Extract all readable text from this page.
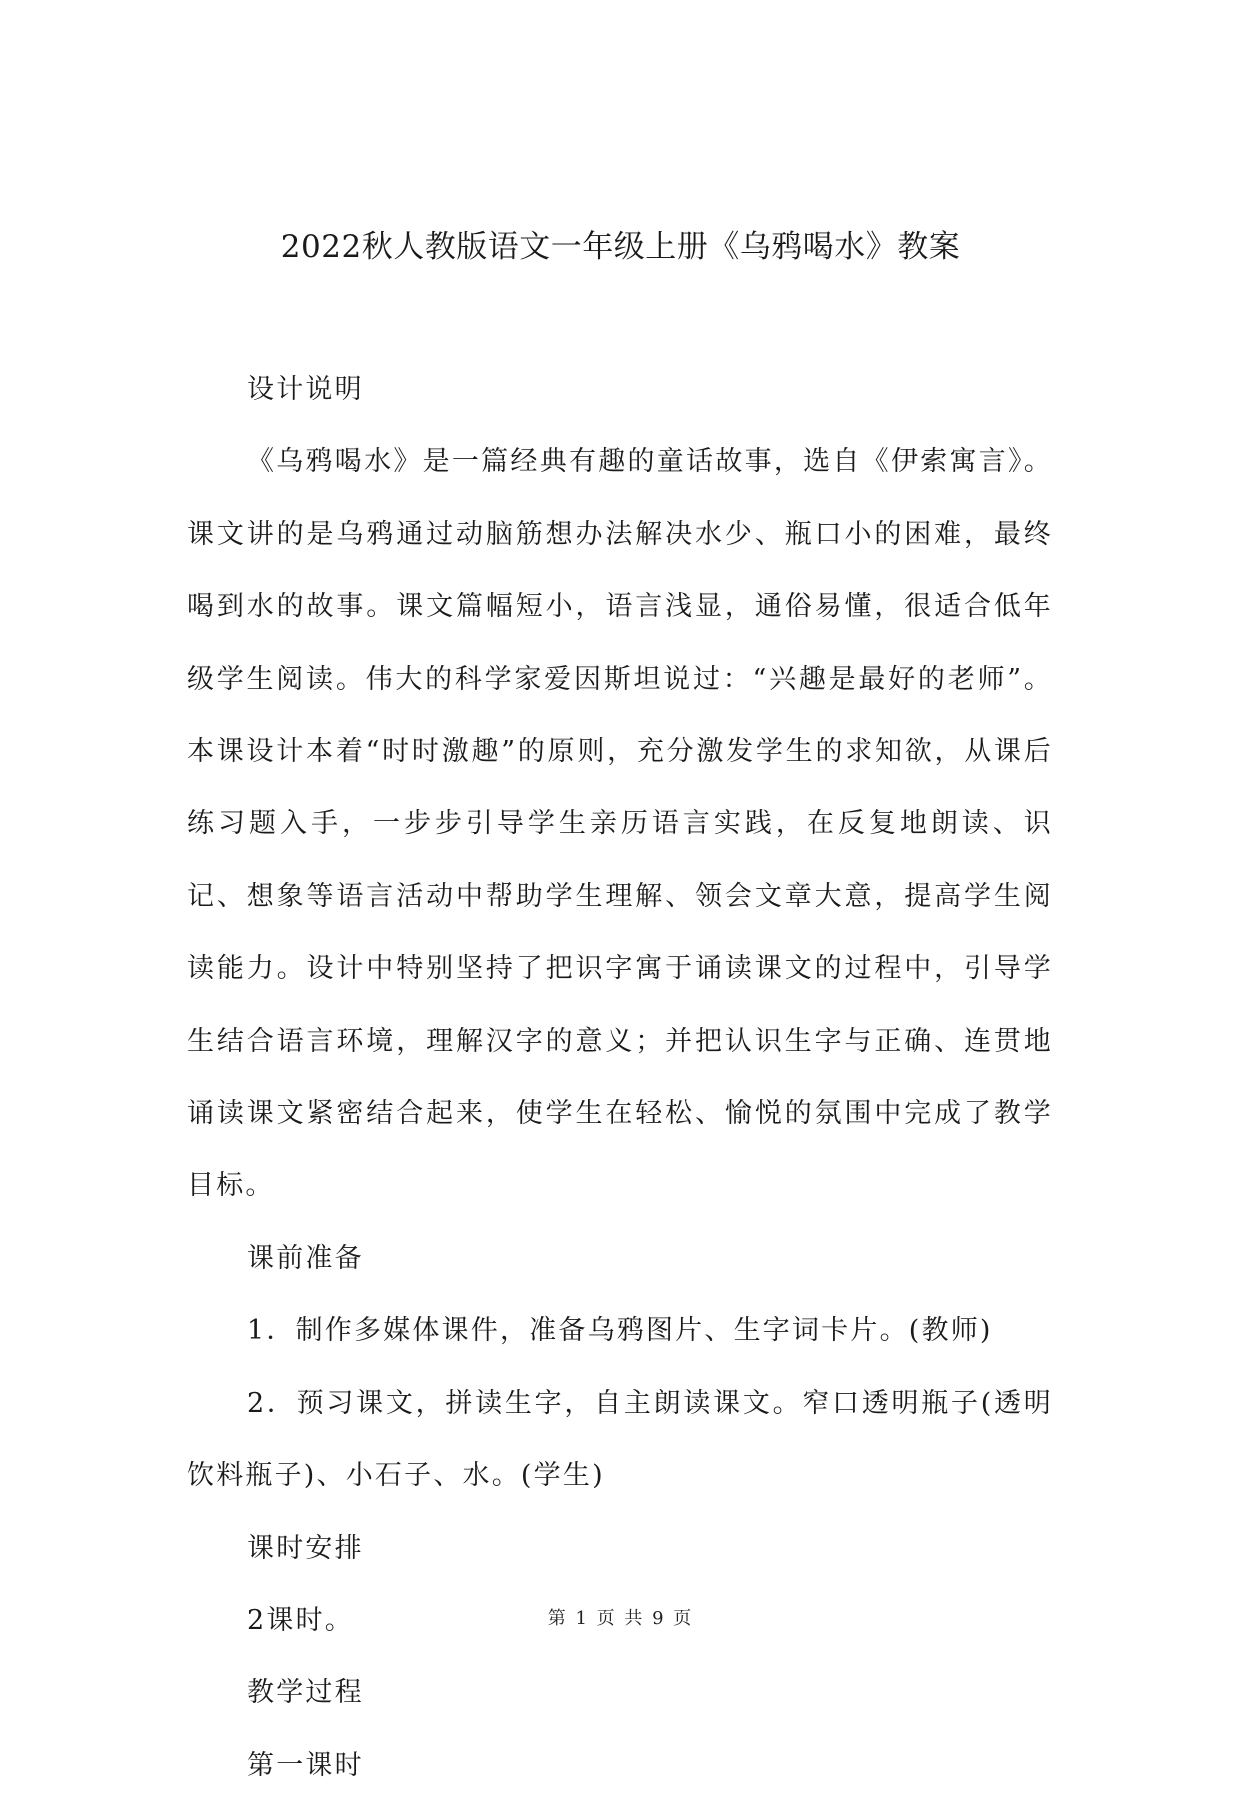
2022秋人教版语文一年级上册《乌鸦喝水》教案

设计说明

《乌鸦喝水》是一篇经典有趣的童话故事，选自《伊索寓言》。课文讲的是乌鸦通过动脑筋想办法解决水少、瓶口小的困难，最终喝到水的故事。课文篇幅短小，语言浅显，通俗易懂，很适合低年级学生阅读。伟大的科学家爱因斯坦说过：“兴趣是最好的老师”。本课设计本着“时时激趣”的原则，充分激发学生的求知欲，从课后练习题入手，一步步引导学生亲历语言实践，在反复地朗读、识记、想象等语言活动中帮助学生理解、领会文章大意，提高学生阅读能力。设计中特别坚持了把识字寓于诵读课文的过程中，引导学生结合语言环境，理解汉字的意义；并把认识生字与正确、连贯地诵读课文紧密结合起来，使学生在轻松、愉悦的氛围中完成了教学目标。

课前准备

1．制作多媒体课件，准备乌鸦图片、生字词卡片。(教师)

2．预习课文，拼读生字，自主朗读课文。窄口透明瓶子(透明饮料瓶子)、小石子、水。(学生)

课时安排

2课时。

教学过程

第一课时

第 1 页 共 9 页
